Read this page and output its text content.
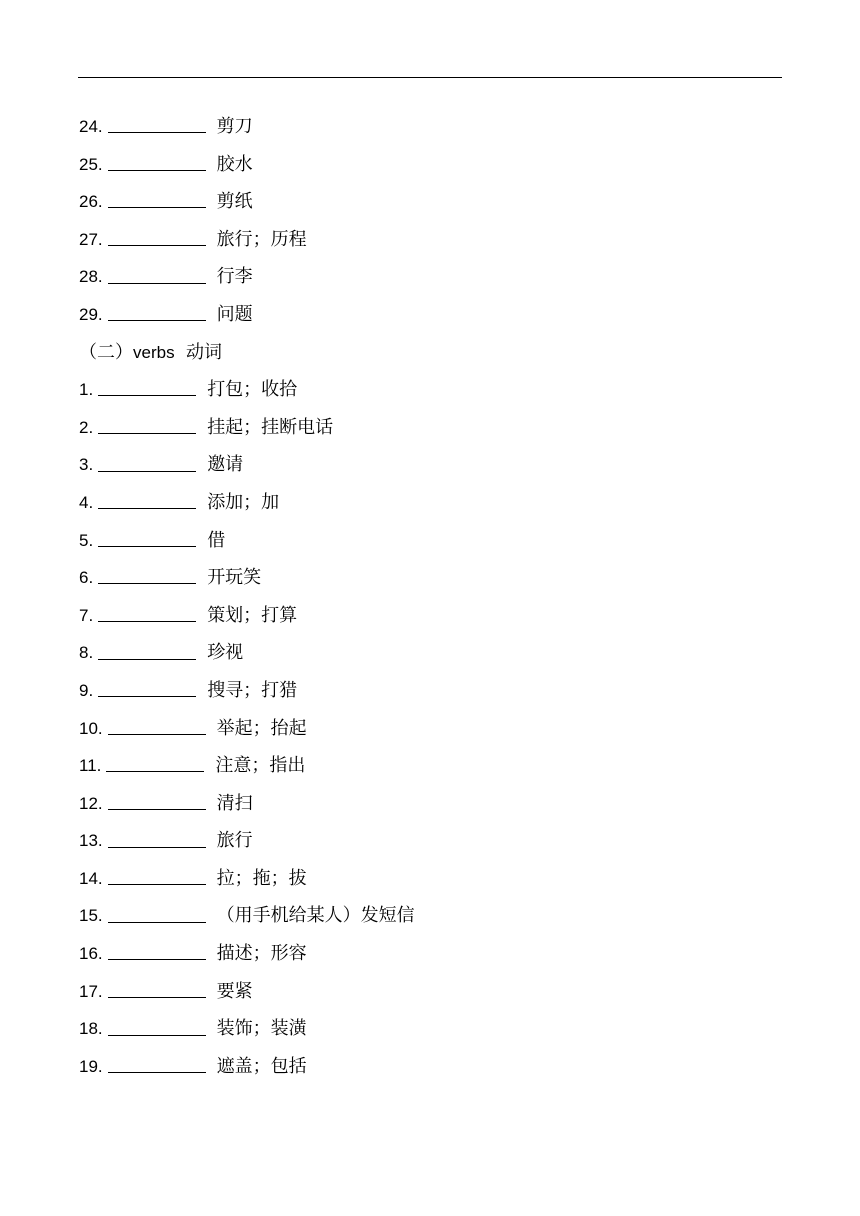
24.	剪刀
25.	胶水
26.	剪纸
27.	旅行；历程
28.	行李
29.	问题
（二）verbs 动词
1.	打包；收拾
2.	挂起；挂断电话
3.	邀请
4.	添加；加
5.	借
6.	开玩笑
7.	策划；打算
8.	珍视
9.	搜寻；打猎
10.	举起；抬起
11.	注意；指出
12.	清扫
13.	旅行
14.	拉；拖；拔
15.	（用手机给某人）发短信
16.	描述；形容
17.	要紧
18.	装饰；装潢
19.	遮盖；包括
